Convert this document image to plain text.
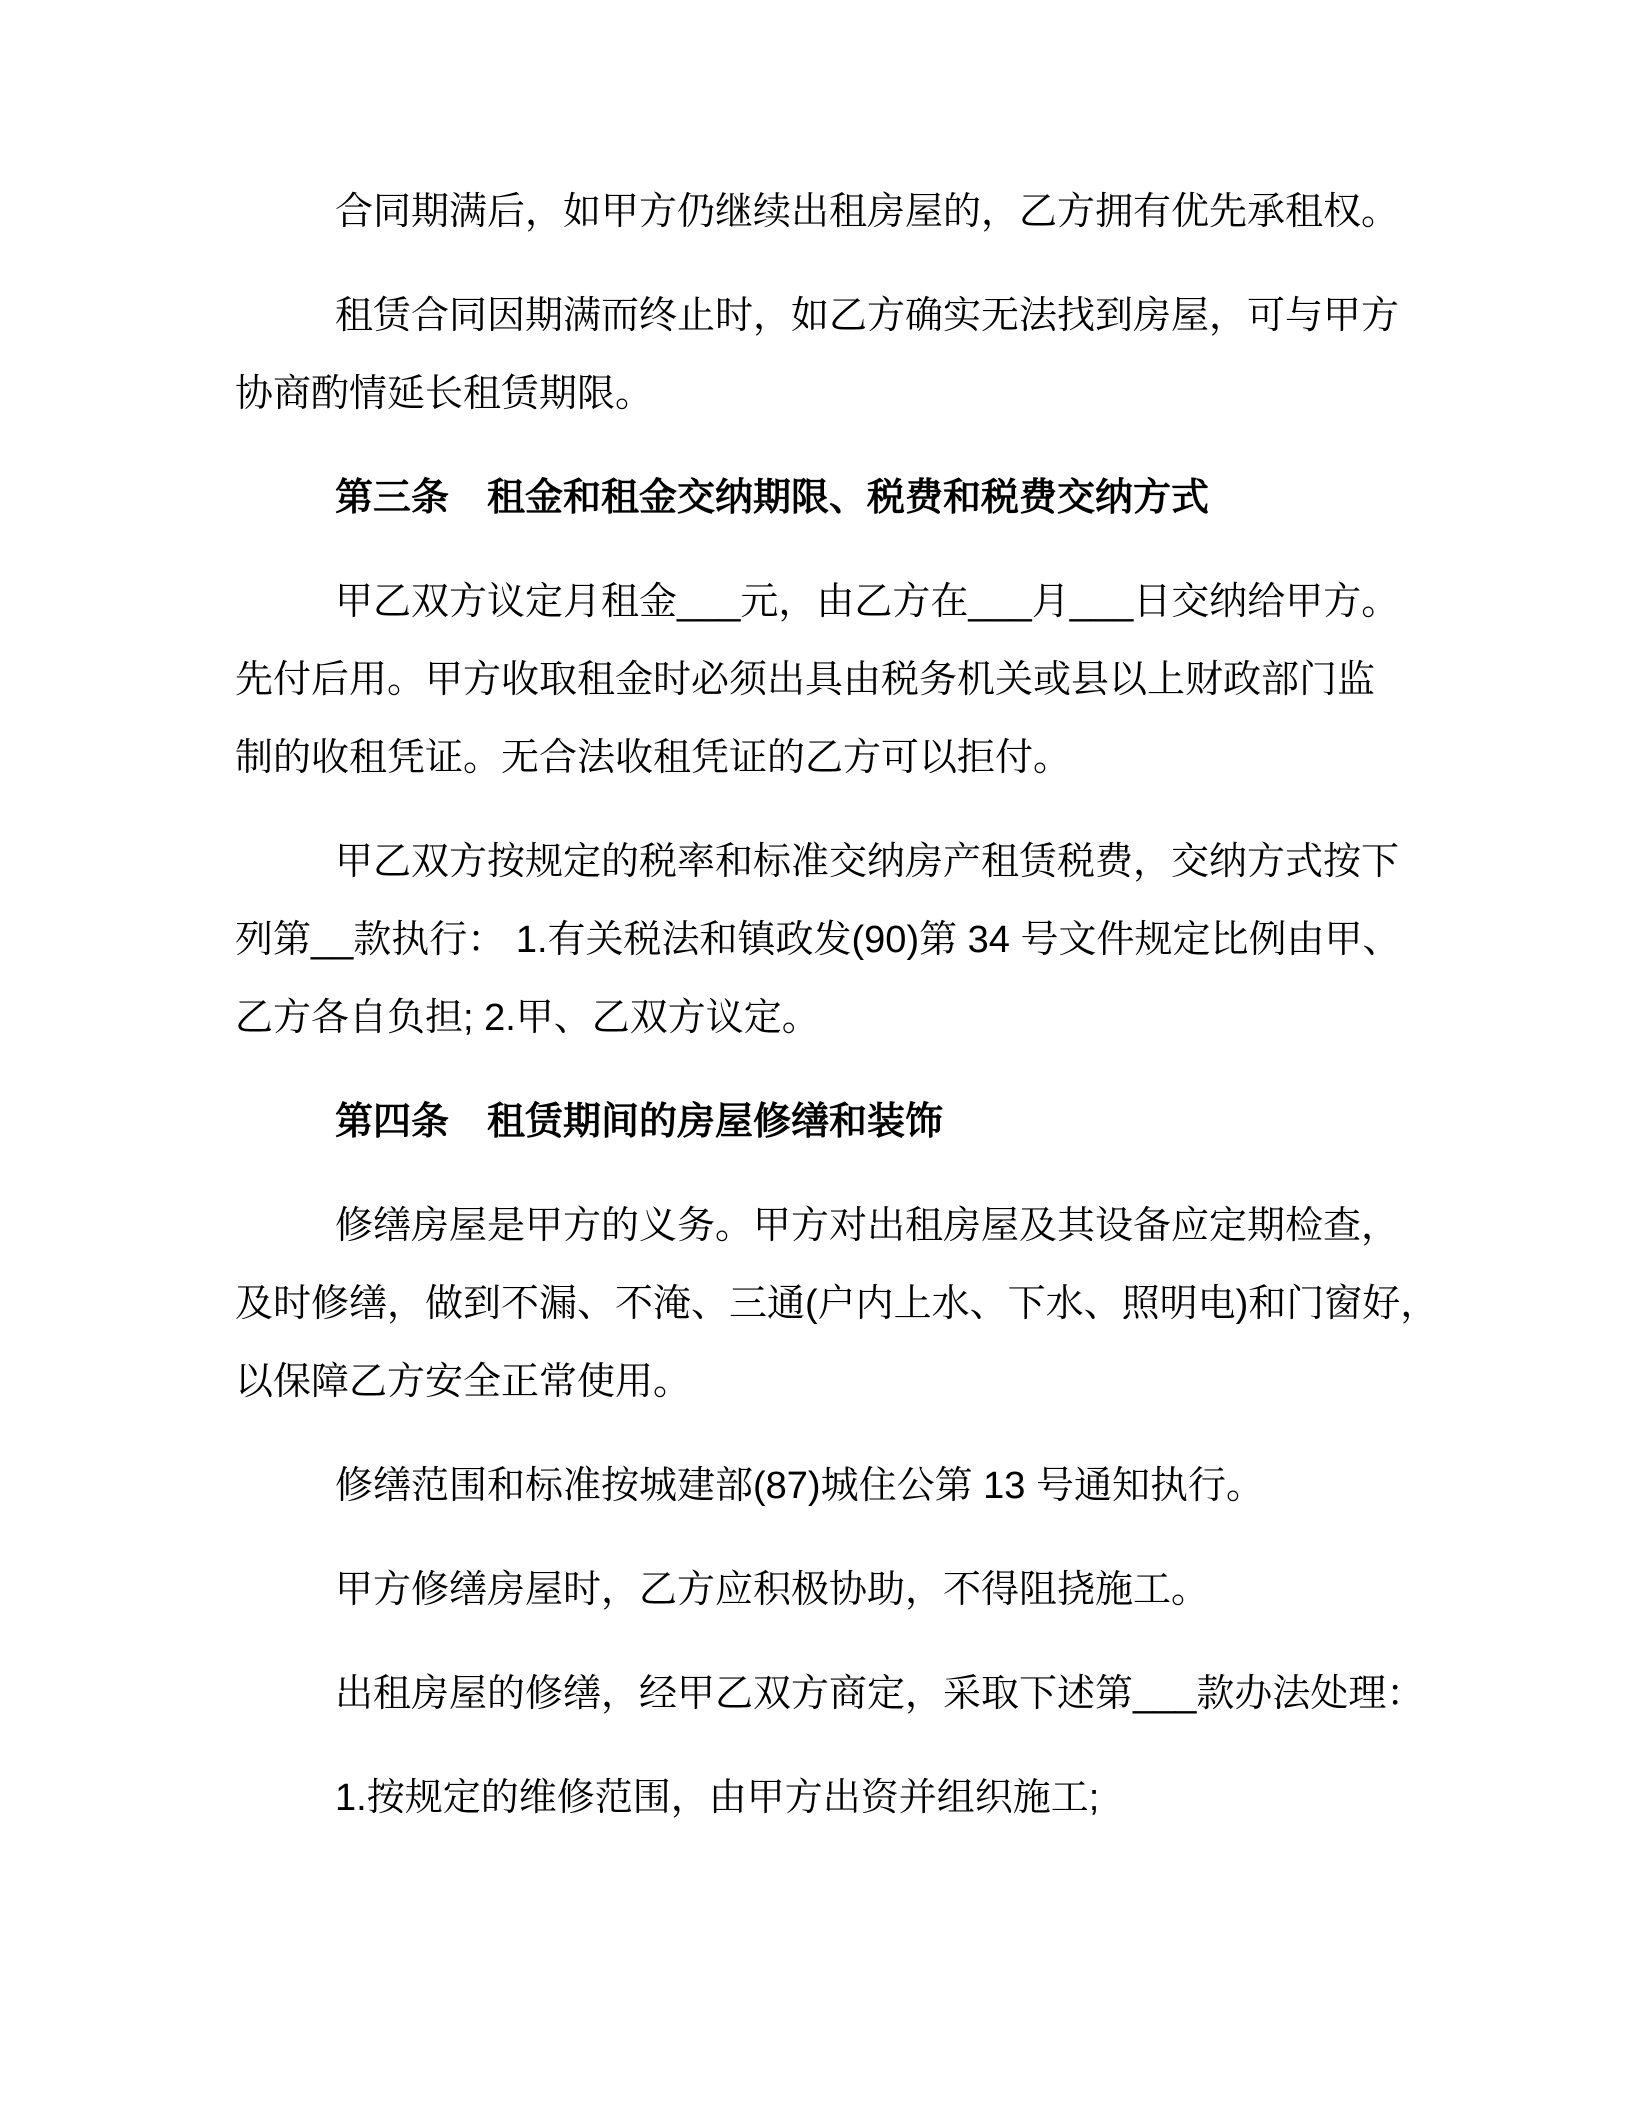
合同期满后，如甲方仍继续出租房屋的，乙方拥有优先承租权。
租赁合同因期满而终止时，如乙方确实无法找到房屋，可与甲方
协商酌情延长租赁期限。
第三条　租金和租金交纳期限、税费和税费交纳方式
甲乙双方议定月租金___元，由乙方在___月___日交纳给甲方。
先付后用。甲方收取租金时必须出具由税务机关或县以上财政部门监
制的收租凭证。无合法收租凭证的乙方可以拒付。
甲乙双方按规定的税率和标准交纳房产租赁税费，交纳方式按下
列第__款执行： 1.有关税法和镇政发(90)第 34 号文件规定比例由甲、
乙方各自负担; 2.甲、乙双方议定。
第四条　租赁期间的房屋修缮和装饰
修缮房屋是甲方的义务。甲方对出租房屋及其设备应定期检查，
及时修缮，做到不漏、不淹、三通(户内上水、下水、照明电)和门窗好，
以保障乙方安全正常使用。
修缮范围和标准按城建部(87)城住公第 13 号通知执行。
甲方修缮房屋时，乙方应积极协助，不得阻挠施工。
出租房屋的修缮，经甲乙双方商定，采取下述第___款办法处理：
1.按规定的维修范围，由甲方出资并组织施工;
